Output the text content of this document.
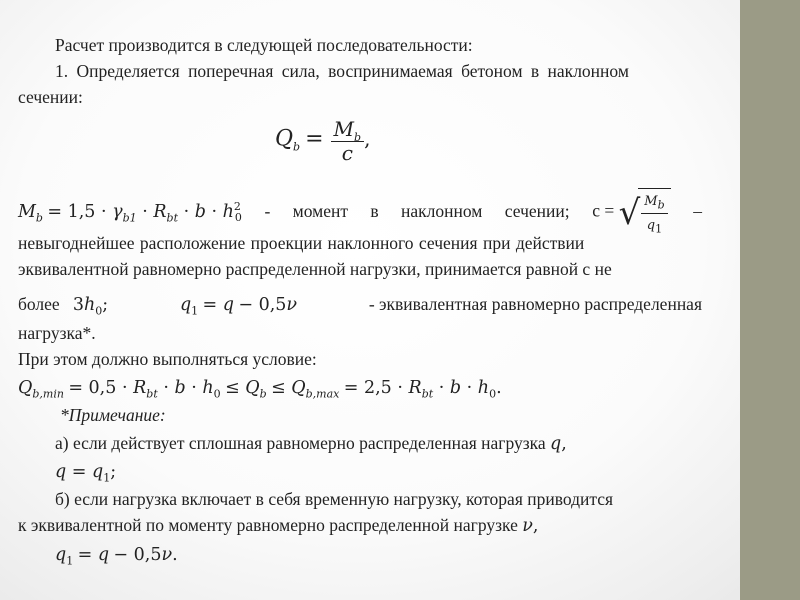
Расчет производится в следующей последовательности:
1. Определяется поперечная сила, воспринимаемая бетоном в наклонном
сечении:
$Q_b = \frac{M_b}{c}$ ,
$M_b = 1,5 \cdot \gamma_{b1} \cdot R_{bt} \cdot b \cdot h^2_0$ - момент в наклонном сечении; с = √ $\frac{M_b}{q_1}$ –
невыгоднейшее расположение проекции наклонного сечения при действии
эквивалентной равномерно распределенной нагрузки, принимается равной с не
более $3h_0$;	$q_1 = q - 0,5\nu$	- эквивалентная равномерно распределенная
нагрузка*.
При этом должно выполняться условие:
$Q_{b,min} = 0,5 \cdot R_{bt} \cdot b \cdot h_0 \le Q_b \le Q_{b,max} = 2,5 \cdot R_{bt} \cdot b \cdot h_0$.
*Примечание:
а) если действует сплошная равномерно распределенная нагрузка q,
$q = q_1$;
б) если нагрузка включает в себя временную нагрузку, которая приводится
к эквивалентной по моменту равномерно распределенной нагрузке ν,
$q_1 = q - 0,5\nu$.
